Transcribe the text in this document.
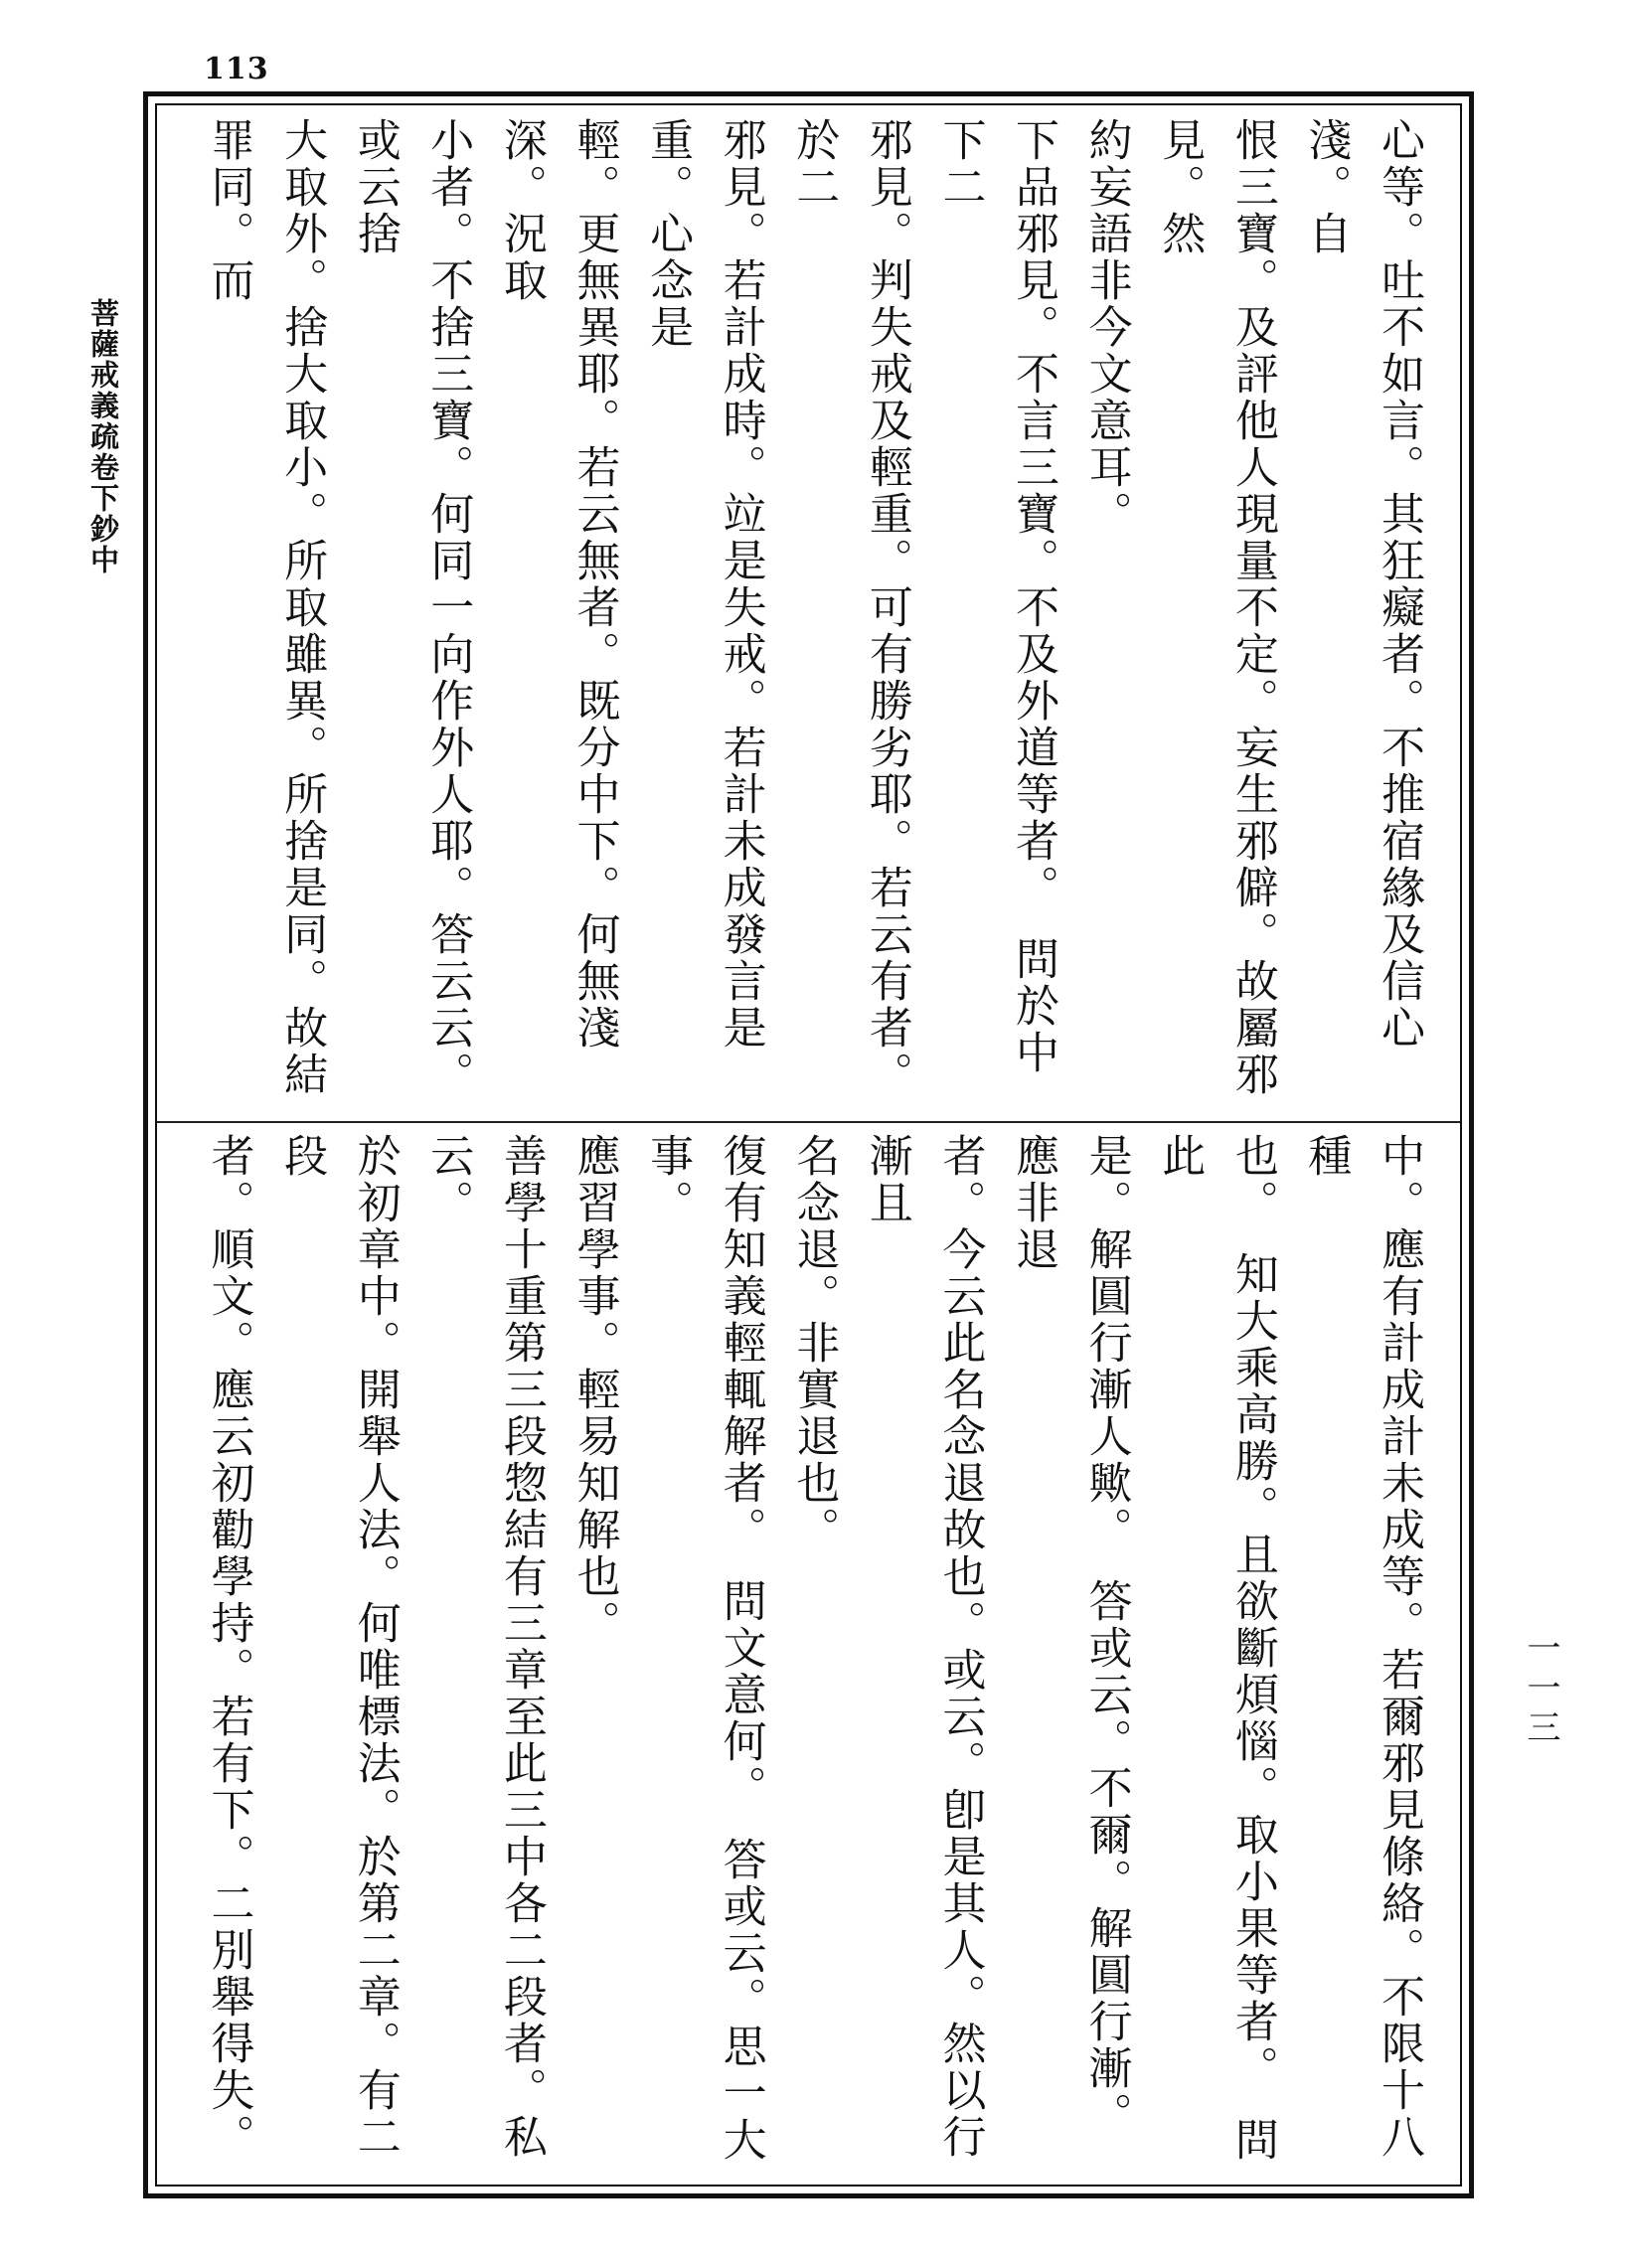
113
菩薩戒義疏卷下鈔中	心等。吐不如言。其狂癡者。不推宿緣及信心淺。自
恨三寶。及評他人現量不定。妄生邪僻。故屬邪見。然
約妄語非今文意耳。
下品邪見。不言三寶。不及外道等者。　問於中下二
邪見。判失戒及輕重。可有勝劣耶。若云有者。於二
邪見。若計成時。竝是失戒。若計未成發言是重。心念是
輕。更無異耶。若云無者。既分中下。何無淺深。況取
小者。不捨三寶。何同一向作外人耶。答云云。或云捨
大取外。捨大取小。所取雖異。所捨是同。故結罪同。而
中。應有計成計未成等。若爾邪見條絡。不限十八種
也。　知大乘高勝。且欲斷煩惱。取小果等者。　問此
是。解圓行漸人歟。　答或云。不爾。解圓行漸。應非退
者。今云此名念退故也。或云。卽是其人。然以行漸且
名念退。非實退也。
復有知義輕輒解者。　問文意何。　答或云。思一大事。
應習學事。輕易知解也。
善學十重第三段惣結有三章至此三中各二段者。私云。
於初章中。開舉人法。何唯標法。於第二章。有二段
者。順文。應云初勸學持。若有下。二別舉得失。
一一三
